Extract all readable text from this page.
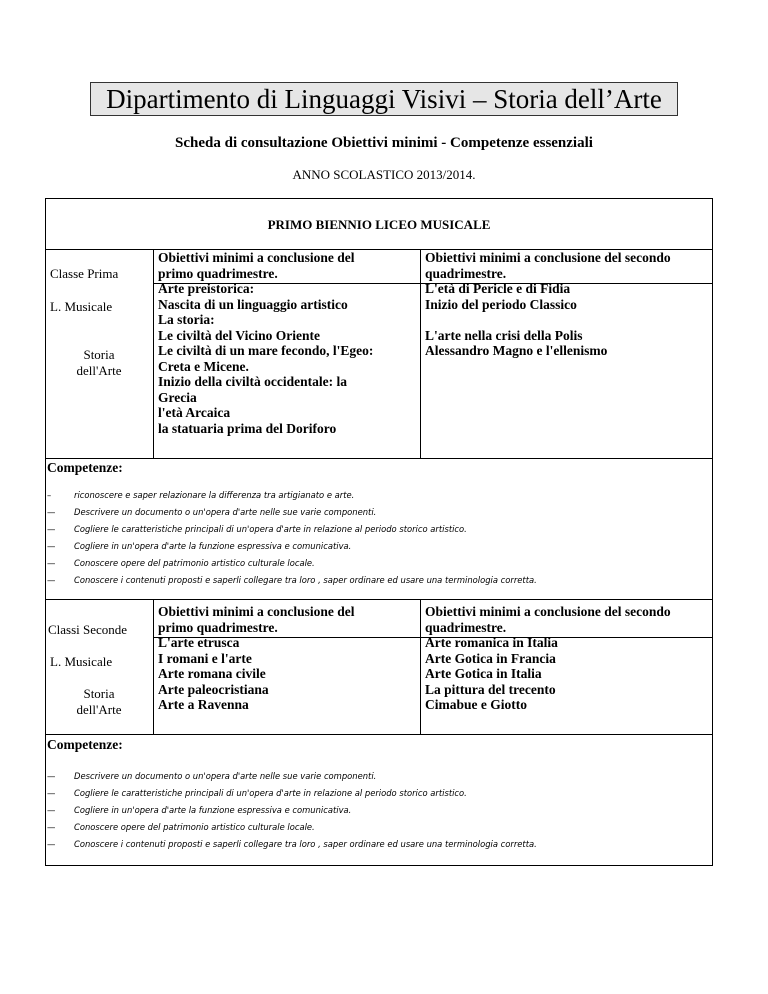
Dipartimento di Linguaggi Visivi – Storia dell’Arte
Scheda di consultazione Obiettivi minimi - Competenze essenziali
ANNO SCOLASTICO 2013/2014.
PRIMO BIENNIO LICEO MUSICALE
Classe Prima
L. Musicale
Storia
dell'Arte
Obiettivi minimi a conclusione del
primo quadrimestre.
Arte preistorica:
Nascita di un linguaggio artistico
La storia:
Le civiltà del Vicino Oriente
Le civiltà di un mare fecondo, l'Egeo:
Creta e Micene.
Inizio della civiltà occidentale: la
Grecia
l'età Arcaica
la statuaria prima del Doriforo
Obiettivi minimi a conclusione del secondo
quadrimestre.
L'età di Pericle e di Fidia
Inizio del periodo Classico
L'arte nella crisi della Polis
Alessandro Magno e l'ellenismo
Competenze:
–	riconoscere e saper relazionare la differenza tra artigianato e arte.
— Descrivere un documento o un'opera d'arte nelle sue varie componenti.
— Cogliere le caratteristiche principali di un'opera d'arte in relazione al periodo storico artistico.
— Cogliere in un'opera d'arte la funzione espressiva e comunicativa.
— Conoscere opere del patrimonio artistico culturale locale.
— Conoscere i contenuti proposti e saperli collegare tra loro , saper ordinare ed usare una terminologia corretta.
Classi Seconde
L. Musicale
Storia
dell'Arte
Obiettivi minimi a conclusione del
primo quadrimestre.
L'arte etrusca
I romani e l'arte
Arte romana civile
Arte paleocristiana
Arte a Ravenna
Obiettivi minimi a conclusione del secondo
quadrimestre.
Arte romanica in Italia
Arte Gotica in Francia
Arte Gotica in Italia
La pittura del trecento
Cimabue e Giotto
Competenze:
— Descrivere un documento o un'opera d'arte nelle sue varie componenti.
— Cogliere le caratteristiche principali di un'opera d'arte in relazione al periodo storico artistico.
— Cogliere in un'opera d'arte la funzione espressiva e comunicativa.
— Conoscere opere del patrimonio artistico culturale locale.
— Conoscere i contenuti proposti e saperli collegare tra loro , saper ordinare ed usare una terminologia corretta.
